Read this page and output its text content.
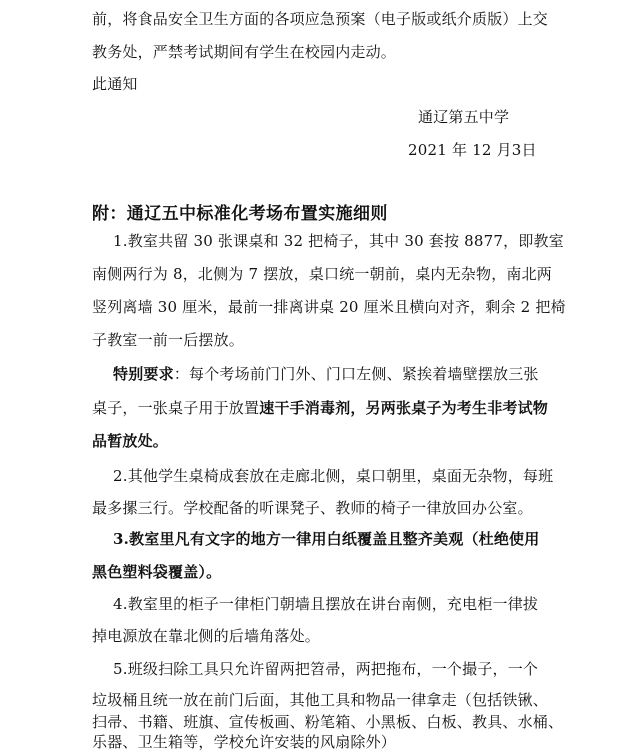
前，将食品安全卫生方面的各项应急预案（电子版或纸介质版）上交
教务处，严禁考试期间有学生在校园内走动。
此通知
通辽第五中学
2021 年 12 月3日
附：通辽五中标准化考场布置实施细则
1.教室共留 30 张课桌和 32 把椅子，其中 30 套按 8877，即教室
南侧两行为 8，北侧为 7 摆放，桌口统一朝前，桌内无杂物，南北两
竖列离墙 30 厘米，最前一排离讲桌 20 厘米且横向对齐，剩余 2 把椅
子教室一前一后摆放。
特别要求：每个考场前门门外、门口左侧、紧挨着墙壁摆放三张
桌子，一张桌子用于放置速干手消毒剂，另两张桌子为考生非考试物
品暂放处。
2.其他学生桌椅成套放在走廊北侧，桌口朝里，桌面无杂物，每班
最多摞三行。学校配备的听课凳子、教师的椅子一律放回办公室。
3.教室里凡有文字的地方一律用白纸覆盖且整齐美观（杜绝使用
黑色塑料袋覆盖）。
4.教室里的柜子一律柜门朝墙且摆放在讲台南侧，充电柜一律拔
掉电源放在靠北侧的后墙角落处。
5.班级扫除工具只允许留两把笤帚，两把拖布，一个撮子，一个
垃圾桶且统一放在前门后面，其他工具和物品一律拿走（包括铁锹、
扫帚、书籍、班旗、宣传板画、粉笔箱、小黑板、白板、教具、水桶、
乐器、卫生箱等，学校允许安装的风扇除外）
